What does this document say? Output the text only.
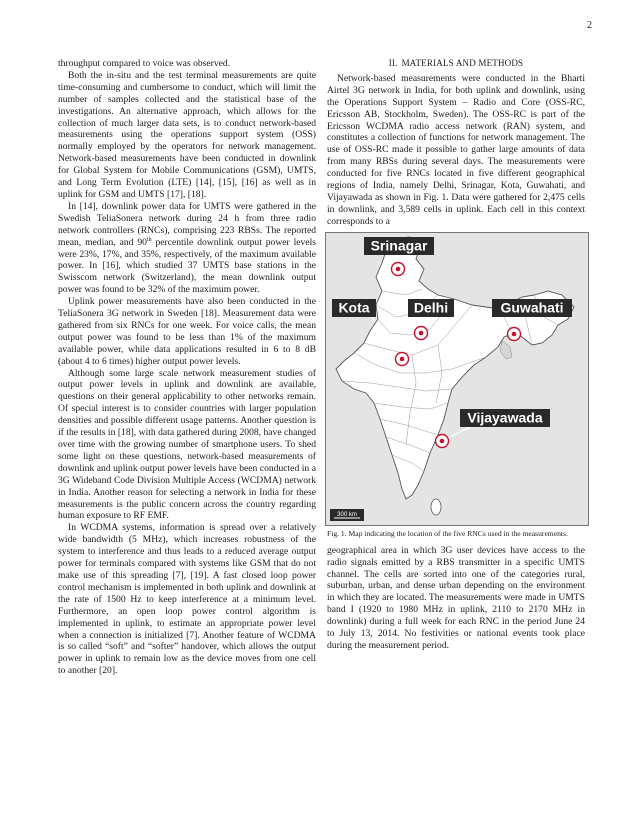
2

throughput compared to voice was observed.

Both the in-situ and the test terminal measurements are quite time-consuming and cumbersome to conduct, which will limit the number of samples collected and the statistical base of the investigations. An alternative approach, which allows for the collection of much larger data sets, is to conduct network-based measurements using the operations support system (OSS) normally employed by the operators for network management. Network-based measurements have been conducted in downlink for Global System for Mobile Communications (GSM), UMTS, and Long Term Evolution (LTE) [14], [15], [16] as well as in uplink for GSM and UMTS [17], [18].

In [14], downlink power data for UMTS were gathered in the Swedish TeliaSonera network during 24 h from three radio network controllers (RNCs), comprising 223 RBSs. The reported mean, median, and 90th percentile downlink output power levels were 23%, 17%, and 35%, respectively, of the maximum available power. In [16], which studied 37 UMTS base stations in the Swisscom network (Switzerland), the mean downlink output power was found to be 32% of the maximum power.

Uplink power measurements have also been conducted in the TeliaSonera 3G network in Sweden [18]. Measurement data were gathered from six RNCs for one week. For voice calls, the mean output power was found to be less than 1% of the maximum available power, while data applications resulted in 6 to 8 dB (about 4 to 6 times) higher output power levels.

Although some large scale network measurement studies of output power levels in uplink and downlink are available, questions on their general applicability to other networks remain. Of special interest is to consider countries with larger population densities and possible different usage patterns. Another question is if the results in [18], with data gathered during 2008, have changed over time with the growing number of smartphone users. To shed some light on these questions, network-based measurements of downlink and uplink output power levels have been conducted in a 3G Wideband Code Division Multiple Access (WCDMA) network in India. Another reason for selecting a network in India for these measurements is the public concern across the country regarding human exposure to RF EMF.

In WCDMA systems, information is spread over a relatively wide bandwidth (5 MHz), which increases robustness of the system to interference and thus leads to a reduced average output power for terminals compared with systems like GSM that do not make use of this spreading [7], [19]. A fast closed loop power control mechanism is implemented in both uplink and downlink at the rate of 1500 Hz to keep interference at a minimum level. Furthermore, an open loop power control algorithm is implemented in uplink, to estimate an appropriate power level when a connection is initialized [7]. Another feature of WCDMA is so called “soft” and “softer” handover, which allows the output power in uplink to remain low as the device moves from one cell to another [20].

II. MATERIALS AND METHODS

Network-based measurements were conducted in the Bharti Airtel 3G network in India, for both uplink and downlink, using the Operations Support System – Radio and Core (OSS-RC, Ericsson AB, Stockholm, Sweden). The OSS-RC is part of the Ericsson WCDMA radio access network (RAN) system, and constitutes a collection of functions for network management. The use of OSS-RC made it possible to gather large amounts of data from many RBSs during several days. The measurements were conducted for five RNCs located in five different geographical regions of India, namely Delhi, Srinagar, Kota, Guwahati, and Vijayawada as shown in Fig. 1. Data were gathered for 2,475 cells in downlink, and 3,589 cells in uplink. Each cell in this context corresponds to a

Srinagar
Kota	Delhi	Guwahati
Vijayawada
300 km
Fig. 1. Map indicating the location of the five RNCs used in the measurements.

geographical area in which 3G user devices have access to the radio signals emitted by a RBS transmitter in a specific UMTS channel. The cells are sorted into one of the categories rural, suburban, urban, and dense urban depending on the environment in which they are located. The measurements were made in UMTS band I (1920 to 1980 MHz in uplink, 2110 to 2170 MHz in downlink) during a full week for each RNC in the period June 24 to July 13, 2014. No festivities or national events took place during the measurement period.
